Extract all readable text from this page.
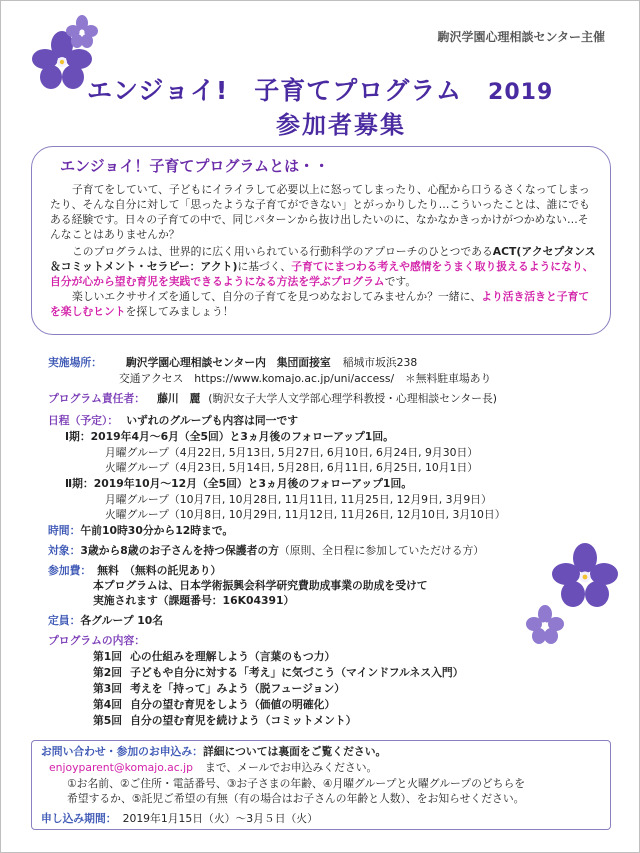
駒沢学園心理相談センター主催
エンジョイ!　子育てプログラム 2019
参加者募集
エンジョイ！子育てプログラムとは・・
子育てをしていて、子どもにイライラして必要以上に怒ってしまったり、心配から口うるさくなってしまったり、そんな自分に対して「思ったような子育てができない」とがっかりしたり…こういったことは、誰にでもある経験です。日々の子育ての中で、同じパターンから抜け出したいのに、なかなかきっかけがつかめない…そんなことはありませんか？
このプログラムは、世界的に広く用いられている行動科学のアプローチのひとつであるACT(アクセプタンス＆コミットメント・セラピー：アクト)に基づく、子育てにまつわる考えや感情をうまく取り扱えるようになり、自分が心から望む育児を実践できるようになる方法を学ぶプログラムです。
楽しいエクササイズを通して、自分の子育てを見つめなおしてみませんか？一緒に、より活き活きと子育てを楽しむヒントを探してみましょう！
実施場所： 駒沢学園心理相談センター内　集団面接室 稲城市坂浜238
交通アクセス　https://www.komajo.ac.jp/uni/access/　＊無料駐車場あり
プログラム責任者： 藤川　麗 (駒沢女子大学人文学部心理学科教授・心理相談センター長)
日程（予定）： いずれのグループも内容は同一です
Ⅰ期：2019年4月～6月（全5回）と3ヵ月後のフォローアップ1回。
月曜グループ（4月22日, 5月13日, 5月27日, 6月10日, 6月24日, 9月30日）
火曜グループ（4月23日, 5月14日, 5月28日, 6月11日, 6月25日, 10月1日）
Ⅱ期：2019年10月～12月（全5回）と3ヵ月後のフォローアップ1回。
月曜グループ（10月7日, 10月28日, 11月11日, 11月25日, 12月9日, 3月9日）
火曜グループ（10月8日, 10月29日, 11月12日, 11月26日, 12月10日, 3月10日）
時間：午前10時30分から12時まで。
対象：3歳から8歳のお子さんを持つ保護者の方（原則、全日程に参加していただける方）
参加費： 無料　（無料の託児あり）
本プログラムは、日本学術振興会科学研究費助成事業の助成を受けて
実施されます（課題番号：16K04391）
定員：各グループ 10名
プログラムの内容：
第1回 心の仕組みを理解しよう（言葉のもつ力）
第2回 子どもや自分に対する「考え」に気づこう（マインドフルネス入門）
第3回 考えを「持って」みよう（脱フュージョン）
第4回 自分の望む育児をしよう（価値の明確化）
第5回 自分の望む育児を続けよう（コミットメント）
お問い合わせ・参加のお申込み：詳細については裏面をご覧ください。
enjoyparent@komajo.ac.jp まで、メールでお申込みください。
①お名前、②ご住所・電話番号、③お子さまの年齢、④月曜グループと火曜グループのどちらを
希望するか、⑤託児ご希望の有無（有の場合はお子さんの年齢と人数）、をお知らせください。
申し込み期間： 2019年1月15日（火）～3月５日（火）
